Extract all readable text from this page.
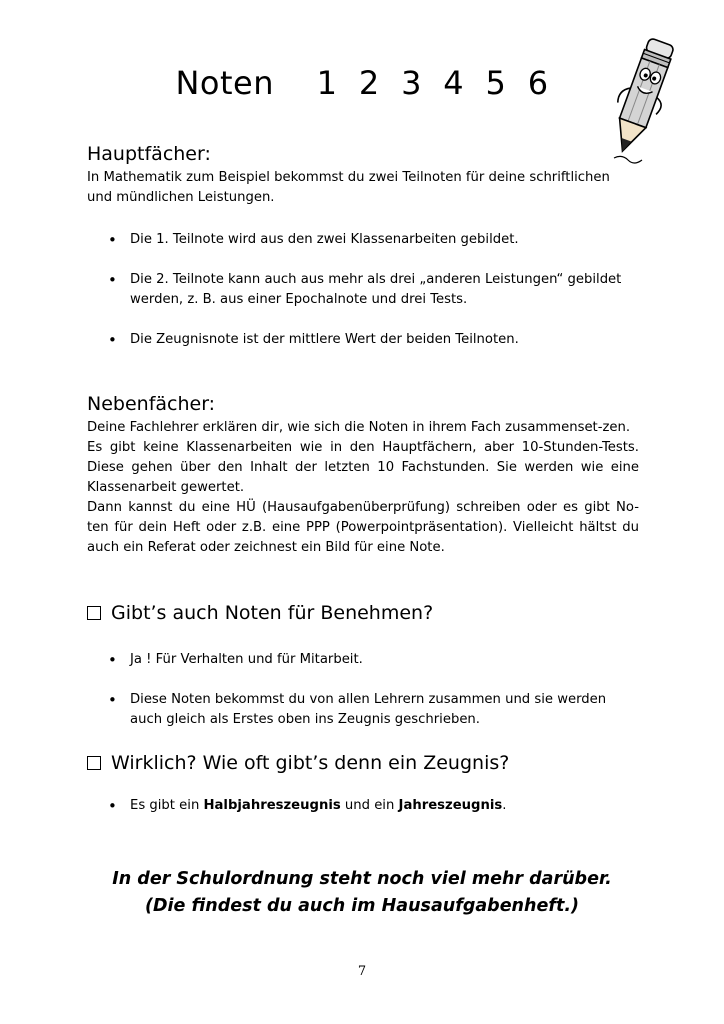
Noten    1  2  3  4  5  6
Hauptfächer:

In Mathematik zum Beispiel bekommst du zwei Teilnoten für deine schriftlichen und mündlichen Leistungen.

• Die 1. Teilnote wird aus den zwei Klassenarbeiten gebildet.
• Die 2. Teilnote kann auch aus mehr als drei „anderen Leistungen“ gebildet werden, z. B. aus einer Epochalnote und drei Tests.
• Die Zeugnisnote ist der mittlere Wert der beiden Teilnoten.
Nebenfächer:

Deine Fachlehrer erklären dir, wie sich die Noten in ihrem Fach zusammenset-zen.

Es gibt keine Klassenarbeiten wie in den Hauptfächern, aber 10-Stunden-Tests. Diese gehen über den Inhalt der letzten 10 Fachstunden. Sie werden wie eine Klassenarbeit gewertet.

Dann kannst du eine HÜ (Hausaufgabenüberprüfung) schreiben oder es gibt No-ten für dein Heft oder z.B. eine PPP (Powerpointpräsentation). Vielleicht hältst du auch ein Referat oder zeichnest ein Bild für eine Note.

Gibt’s auch Noten für Benehmen?
• Ja ! Für Verhalten und für Mitarbeit.
• Diese Noten bekommst du von allen Lehrern zusammen und sie werden auch gleich als Erstes oben ins Zeugnis geschrieben.
Wirklich? Wie oft gibt’s denn ein Zeugnis?
• Es gibt ein Halbjahreszeugnis und ein Jahreszeugnis.
In der Schulordnung steht noch viel mehr darüber.
(Die findest du auch im Hausaufgabenheft.)
7
